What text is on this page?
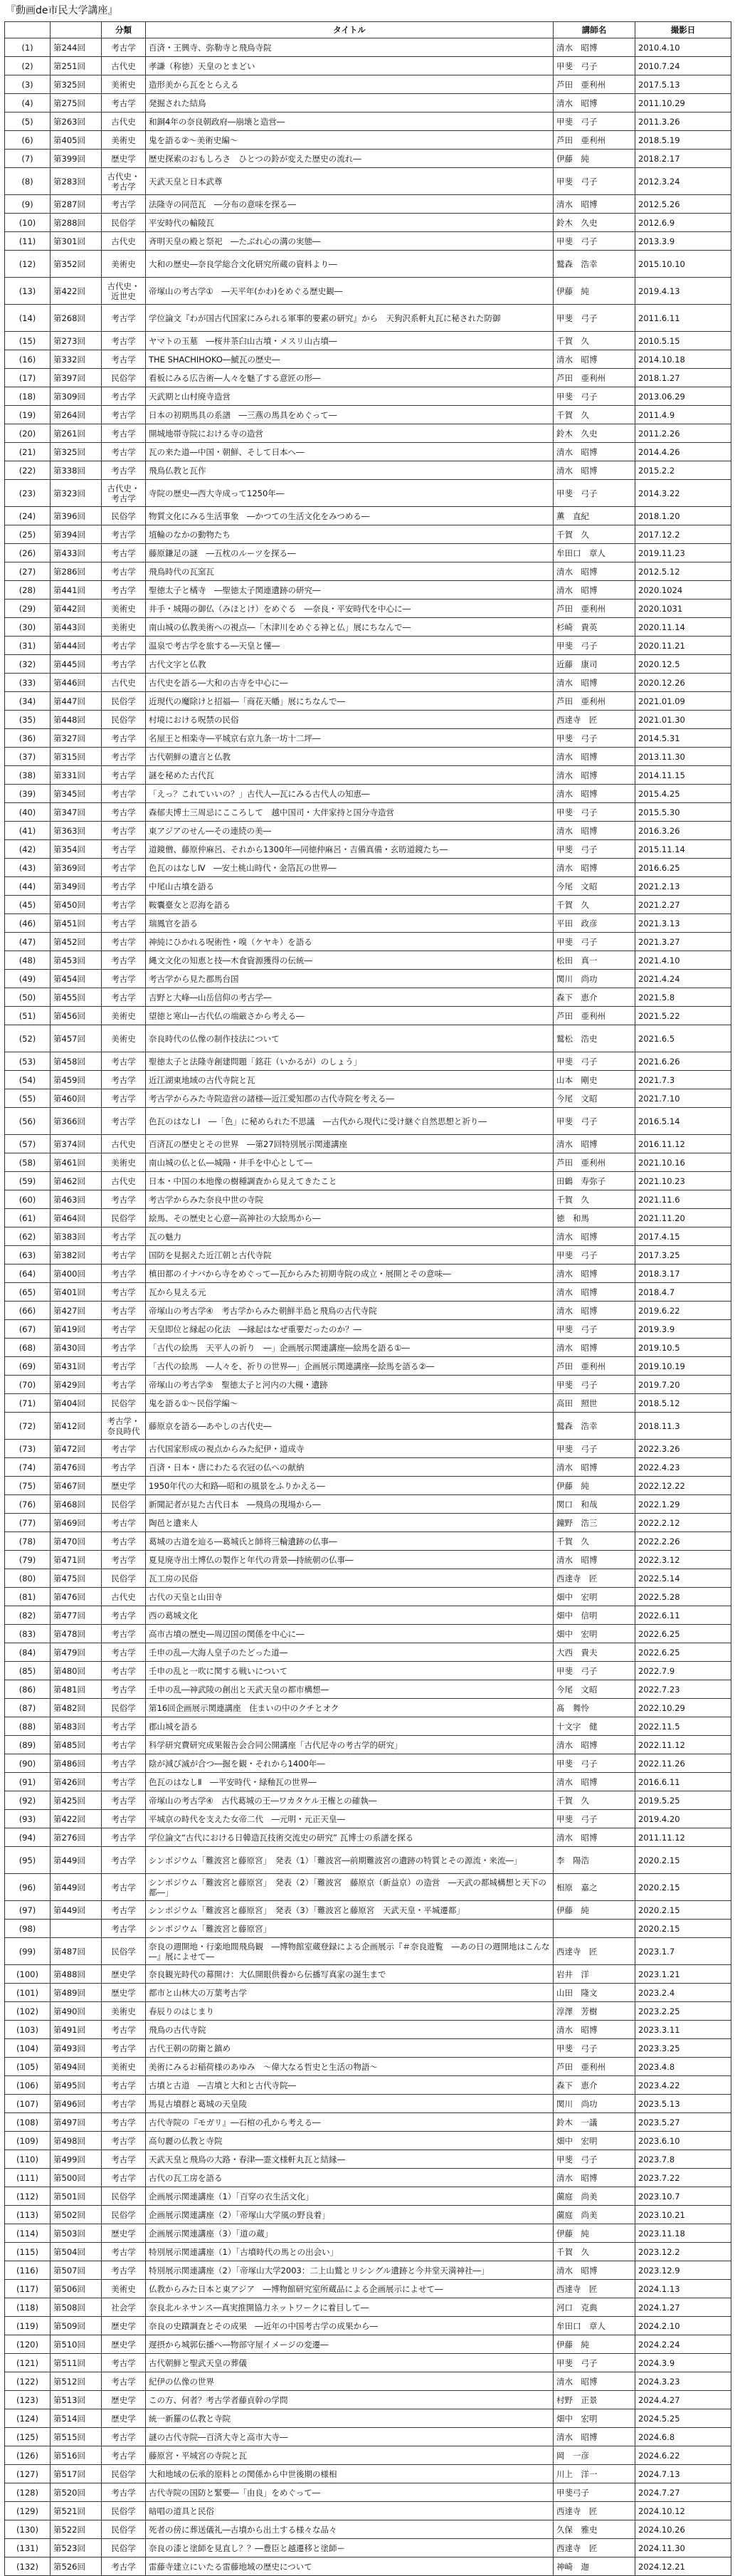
『動画de市民大学講座』
		分類	タイトル	講師名	撮影日
(1)	第244回	考古学	百済・王興寺、弥勒寺と飛鳥寺院	清水　昭博	2010.4.10
(2)	第251回	古代史	孝謙（称徳）天皇のとまどい	甲斐　弓子	2010.7.24
(3)	第325回	美術史	造形美から瓦をとらえる	芦田　亜利州	2017.5.13
(4)	第275回	考古学	発掘された結鳥	清水　昭博	2011.10.29
(5)	第263回	古代史	和銅4年の奈良朝政府―崩壊と造営―	甲斐　弓子	2011.3.26
(6)	第405回	美術史	鬼を語る②〜美術史編〜	芦田　亜利州	2018.5.19
(7)	第399回	歴史学	歴史探索のおもしろさ　ひとつの鈴が変えた歴史の流れ―	伊藤　純	2018.2.17
(8)	第283回	古代史・考古学	天武天皇と日本武尊	甲斐　弓子	2012.3.24
(9)	第287回	考古学	法隆寺の同范瓦　―分布の意味を探る―	清水　昭博	2012.5.26
(10)	第288回	民俗学	平安時代の輸陵瓦	鈴木　久史	2012.6.9
(11)	第301回	古代史	斉明天皇の殿と祭祀　―たぶれ心の溝の実態―	甲斐　弓子	2013.3.9
(12)	第352回	美術史	大和の歴史―奈良学総合文化研究所蔵の資料より―	鷲森　浩幸	2015.10.10
(13)	第422回	古代史・近世史	帝塚山の考古学①　―天平年(かわ)をめぐる歴史観―	伊藤　純	2019.4.13
(14)	第268回	考古学	学位論文『わが国古代国家にみられる軍事的要素の研究』から　天狗沢系軒丸瓦に秘された防御	甲斐　弓子	2011.6.11
(15)	第273回	考古学	ヤマトの玉墓　―桜井茶臼山古墳・メスリ山古墳―	千賀　久	2010.5.15
(16)	第332回	考古学	THE SHACHIHOKO―鯱瓦の歴史―	清水　昭博	2014.10.18
(17)	第397回	民俗学	看板にみる広告術―人々を魅了する意匠の形―	芦田　亜利州	2018.1.27
(18)	第309回	考古学	天武期と山村廃寺造営	甲斐　弓子	2013.06.29
(19)	第264回	考古学	日本の初期馬具の系譜　―三燕の馬具をめぐって―	千賀　久	2011.4.9
(20)	第261回	考古学	開城地帯寺院における寺の造営	鈴木　久史	2011.2.26
(21)	第325回	考古学	瓦の来た道―中国・朝鮮、そして日本へ―	清水　昭博	2014.4.26
(22)	第338回	考古学	飛鳥仏教と瓦作	清水　昭博	2015.2.2
(23)	第323回	古代史・考古学	寺院の歴史―西大寺成って1250年―	甲斐　弓子	2014.3.22
(24)	第396回	民俗学	物質文化にみる生活事象　―かつての生活文化をみつめる―	薫　直紀	2018.1.20
(25)	第394回	考古学	埴輪のなかの動物たち	千賀　久	2017.12.2
(26)	第433回	考古学	藤原鎌足の謎　―五枕のルーツを探る―	牟田口　章人	2019.11.23
(27)	第286回	考古学	飛鳥時代の瓦窯瓦	清水　昭博	2012.5.12
(28)	第441回	考古学	聖徳太子と橘寺　―聖徳太子関連遺跡の研究―	清水　昭博	2020.1024
(29)	第442回	美術史	井手・城陽の御仏（みほとけ）をめぐる　―奈良・平安時代を中心に―	芦田　亜利州	2020.1031
(30)	第443回	美術史	南山城の仏教美術への視点―「木津川をめぐる神と仏」展にちなんで―	杉崎　貴英	2020.11.14
(31)	第444回	考古学	温泉で考古学を旅する―天皇と懂―	甲斐　弓子	2020.11.21
(32)	第445回	考古学	古代文字と仏教	近藤　康司	2020.12.5
(33)	第446回	古代史	古代史を語る―大和の古寺を中心に―	清水　昭博	2020.12.26
(34)	第447回	民俗学	近現代の魔除けと招福―「商花天幡」展にちなんで―	芦田　亜利州	2021.01.09
(35)	第448回	民俗学	村境における呪禁の民俗	西達寺　匠	2021.01.30
(36)	第327回	考古学	名屋王と相楽寺―平城京右京九条一坊十二坪―	甲斐　弓子	2014.5.31
(37)	第315回	考古学	古代朝鮮の遺言と仏教	清水　昭博	2013.11.30
(38)	第331回	考古学	謎を秘めた古代瓦	清水　昭博	2014.11.15
(39)	第345回	考古学	「えっ？これていいの？」古代人―瓦にみる古代人の知恵―	清水　昭博	2015.4.25
(40)	第347回	考古学	森郁夫博士三周忌にこころして　越中国司・大伴家持と国分寺造営	甲斐　弓子	2015.5.30
(41)	第363回	考古学	東アジアのせん―その連続の美―	清水　昭博	2016.3.26
(42)	第354回	考古学	道鏡僧、藤原仲麻呂、それから1300年―同徳仲麻呂・吉備真備・玄昉道鏡たち―	甲斐　弓子	2015.11.14
(43)	第369回	考古学	色瓦のはなしⅣ　―安土桃山時代・金箔瓦の世界―	清水　昭博	2016.6.25
(44)	第349回	考古学	中尾山古墳を語る	今尾　文昭	2021.2.13
(45)	第450回	考古学	鞍囊臺女と忍海を語る	千賀　久	2021.2.27
(46)	第451回	考古学	瑞鳳官を語る	平田　政彦	2021.3.13
(47)	第452回	考古学	神純にひかれる呪術性・嗅（ケヤキ）を語る	甲斐　弓子	2021.3.27
(48)	第453回	考古学	縄文文化の知恵と技―木食資源獲得の伝統―	松田　真一	2021.4.10
(49)	第454回	考古学	考古学から見た郡馬台国	関川　尚功	2021.4.24
(50)	第455回	考古学	吉野と大峰―山岳信仰の考古学―	森下　恵介	2021.5.8
(51)	第456回	美術史	望徳と寒山―古代仏の端厳さから考える―	芦田　亜利州	2021.5.22
(52)	第457回	美術史	奈良時代の仏像の制作技法について	鷲松　浩史	2021.6.5
(53)	第458回	考古学	聖徳太子と法隆寺創建問題「銘荘（いかるが）のしょう」	甲斐　弓子	2021.6.26
(54)	第459回	考古学	近江湖東地域の古代寺院と瓦	山本　剛史	2021.7.3
(55)	第460回	考古学	考古学からみた寺院造営の諸様―近江愛知郡の古代寺院を考える―	今尾　文昭	2021.7.10
(56)	第366回	考古学	色瓦のはなしⅠ　―「色」に秘められた不思議　―古代から現代に受け継ぐ自然思想と祈り―	甲斐　弓子	2016.5.14
(57)	第374回	古代史	百済瓦の歴史とその世界　―第27回特別展示関連講座	清水　昭博	2016.11.12
(58)	第461回	美術史	南山城の仏と仏―城陽・井手を中心として―	芦田　亜利州	2021.10.16
(59)	第462回	古代史	日本・中国の本地像の樹種調査から見えてきたこと	田鶴　寿弥子	2021.10.23
(60)	第463回	考古学	考古学からみた奈良中世の寺院	千賀　久	2021.11.6
(61)	第464回	民俗学	絵馬、その歴史と心意―高神社の大絵馬から―	徳　和馬	2021.11.20
(62)	第383回	考古学	瓦の魅力	清水　昭博	2017.4.15
(63)	第382回	考古学	国防を見据えた近江朝と古代寺院	甲斐　弓子	2017.3.25
(64)	第400回	考古学	槙田都のイナバから寺をめぐって―瓦からみた初期寺院の成立・展開とその意味―	清水　昭博	2018.3.17
(65)	第401回	考古学	瓦から見える元	清水　昭博	2018.4.7
(66)	第427回	考古学	帝塚山の考古学④　考古学からみた朝鮮半島と飛鳥の古代寺院	清水　昭博	2019.6.22
(67)	第419回	考古学	天皇即位と縁起の化法　―縁起はなぜ重要だったのか？―	甲斐　弓子	2019.3.9
(68)	第430回	考古学	「古代の絵馬　天平人の祈り　―」企画展示関連講座―絵馬を語る①―	清水　昭博	2019.10.5
(69)	第431回	考古学	「古代の絵馬　―人々を、祈りの世界―」企画展示関連講座―絵馬を語る②―	芦田　亜利州	2019.10.19
(70)	第429回	考古学	帝塚山の考古学⑤　聖徳太子と河内の大槻・遺跡	甲斐　弓子	2019.7.20
(71)	第404回	民俗学	鬼を語る①〜民俗学編〜	高田　照世	2018.5.12
(72)	第412回	考古学・奈良時代	藤原京を語る―あやしの古代史―	鷲森　浩幸	2018.11.3
(73)	第472回	考古学	古代国家形成の視点からみた紀伊・道成寺	甲斐　弓子	2022.3.26
(74)	第476回	考古学	百済・日本・唐にわたる衣冠の仏への献納	清水　昭博	2022.4.23
(75)	第467回	歴史学	1950年代の大和路―昭和の風景をふりかえる―	伊藤　純	2022.12.22
(76)	第468回	民俗学	新聞記者が見た古代日本　―飛鳥の現場から―	関口　和哉	2022.1.29
(77)	第469回	考古学	陶邑と遺来人	鐘野　浩三	2022.2.12
(78)	第470回	考古学	葛城の古道を辿る―葛城氏と師将三輪遺跡の仏事―	千賀　久	2022.2.26
(79)	第471回	考古学	夏見廃寺出土博仏の製作と年代の背景―持統朝の仏事―	清水　昭博	2022.3.12
(80)	第475回	民俗学	瓦工房の民俗	西達寺　匠	2022.5.14
(81)	第476回	古代史	古代の天皇と山田寺	畑中　宏明	2022.5.28
(82)	第477回	考古学	西の葛城文化	畑中　信明	2022.6.11
(83)	第478回	考古学	高市古墳の歴史―周辺国の関係を中心に―	畑中　宏明	2022.6.25
(84)	第479回	考古学	壬申の乱―大海人皇子のたどった道―	大西　貴夫	2022.6.25
(85)	第480回	考古学	壬申の乱と一吹に関する戦いについて	甲斐　弓子	2022.7.9
(86)	第481回	考古学	壬申の乱―神武陵の創出と天武天皇の都市構想―	今尾　文昭	2022.7.23
(87)	第482回	民俗学	第16回企画展示関連講座　住まいの中のクチとオク	髙　舞怜	2022.10.29
(88)	第483回	考古学	郡山城を語る	十文字　健	2022.11.5
(89)	第485回	考古学	科学研究費研究成果報告会合同公開講座「古代尼寺の考古学的研究」	清水　昭博	2022.11.12
(90)	第486回	考古学	陰が減び滅が合つ―掘を観・それから1400年―	甲斐　弓子	2022.11.26
(91)	第426回	考古学	色瓦のはなしⅡ　―平安時代・緑釉瓦の世界―	清水　昭博	2016.6.11
(92)	第425回	考古学	帝塚山の考古学④　古代葛城の王―ワカタケル王権との確執―	千賀　久	2019.5.25
(93)	第422回	考古学	平城京の時代を支えた女帝二代　―元明・元正天皇―	甲斐　弓子	2019.4.20
(94)	第276回	考古学	学位論文“古代における日韓造瓦技術交流史の研究” 瓦博士の系譜を探る	清水　昭博	2011.11.12
(95)	第449回	考古学	シンポジウム「難波宮と藤原宮」　発表（1）「難波宮―前期難波宮の遺跡の特質とその源流・来流―」	李　陽浩	2020.2.15
(96)	第449回	考古学	シンポジウム「難波宮と藤原宮」　発表（2）「難波宮　藤原京（新益京）の造営　―天武の都城構想と天下の都―」	相原　嘉之	2020.2.15
(97)	第449回	考古学	シンポジウム「難波宮と藤原宮」　発表（3）「難波宮と藤原宮　天武天皇・平城遷都」	伊藤　純	2020.2.15
(98)		考古学	シンポジウム「難波宮と藤原宮」		2020.2.15
(99)	第487回	民俗学	奈良の週開地・行楽地間飛鳥観　―博物館室蔵登録による企画展示『＃奈良遊覧　―あの日の週開地はこんな―』展によせて―	西達寺　匠	2023.1.7
(100)	第488回	歴史学	奈良観光時代の幕開け：大仏開眼供養から伝播写真家の誕生まで	岩井　洋	2023.1.21
(101)	第489回	歴史学	都市と山林大の万葉考古学	山田　隆文	2023.2.4
(102)	第490回	美術史	春辰りのはじまり	淳澤　芳樹	2023.2.25
(103)	第491回	考古学	飛鳥の古代寺院	清水　昭博	2023.3.11
(104)	第493回	考古学	古代王朝の防衛と鎮め	甲斐　弓子	2023.3.25
(105)	第494回	美術史	美術にみるお稲荷様のあゆみ　～偉大なる哲史と生活の物語～	芦田　亜利州	2023.4.8
(106)	第495回	考古学	古墳と古道　―吉墳と大和と古代寺院―	森下　恵介	2023.4.22
(107)	第496回	考古学	馬見古墳群と葛城の天皇陵	関川　尚功	2023.5.13
(108)	第497回	考古学	古代寺院の『モガリ』―石棺の孔から考える―	鈴木　一議	2023.5.27
(109)	第498回	考古学	高句麗の仏教と寺院	畑中　宏明	2023.6.10
(110)	第499回	考古学	天武天皇と飛鳥の大路・春津―霊文様軒丸瓦と結縁―	甲斐　弓子	2023.7.8
(111)	第500回	考古学	古代の瓦工房を語る	清水　昭博	2023.7.22
(112)	第501回	民俗学	企画展示関連講座（1）「百穿の衣生活文化」	薗庭　尚美	2023.10.7
(113)	第502回	民俗学	企画展示関連講座（2）「帝塚山大学風の野良着」	薗庭　尚美	2023.10.21
(114)	第503回	歴史学	企画展示関連講座（3）「道の蔵」	伊藤　純	2023.11.18
(115)	第504回	考古学	特別展示関連講座（1）「古墳時代の馬との出会い」	千賀　久	2023.12.2
(116)	第507回	考古学	特別展示関連講座（2）「帝塚山大学2003：二上山鷲とリシングル遺跡と今井堂天満神社―」	清水　昭博	2023.12.9
(117)	第506回	美術史	仏教からみた日本と東アジア　―博物館研究室所蔵品による企画展示によせて―	西達寺　匠	2024.1.13
(118)	第508回	社会学	奈良北ルネサンス―真実推開協力ネットワークに着目して―	河口　克典	2024.1.27
(119)	第509回	歴史学	奈良の史蹟調査とその成果　―近年の中国考古学の成果から―	牟田口　章人	2024.2.10
(120)	第510回	歴史学	遅摂から城郭伝播へ―物部守屋イメージの変遷―	伊藤　純	2024.2.24
(121)	第511回	考古学	古代朝鮮と聖武天皇の葬儀	甲斐　弓子	2024.3.9
(122)	第512回	考古学	紀伊の仏像の世界	清水　昭博	2024.3.23
(123)	第513回	歴史学	この方、何者？考古学者藤貞幹の学問	村野　正景	2024.4.27
(124)	第514回	歴史学	統一新羅の仏教と寺院	畑中　宏明	2024.5.25
(125)	第515回	考古学	謎の古代寺院―百済大寺と高市大寺―	清水　昭博	2024.6.8
(126)	第516回	考古学	藤原宮・平城宮の寺院と瓦	岡　一彦	2024.6.22
(127)	第517回	民俗学	大和地域の伝承的原料との関係から中世後期の様相	川上　洋一	2024.7.13
(128)	第520回	考古学	古代寺院の国防と緊要―「由良」をめぐって―	甲斐弓子	2024.7.27
(129)	第521回	民俗学	暗唱の道具と民俗	西達寺　匠	2024.10.12
(130)	第522回	民俗学	死者の傍に葬送儀礼―古墳から出土する様々な品々	久保　雅史	2024.10.26
(131)	第523回	民俗学	奈良の漆と塗師を見直し？？―豊臣と越遷移と塗師ー	西達寺　匠	2024.11.30
(132)	第526回	考古学	雷藤寺建立にいたる雷藤地域の歴史について	神崎　迦	2024.12.21
